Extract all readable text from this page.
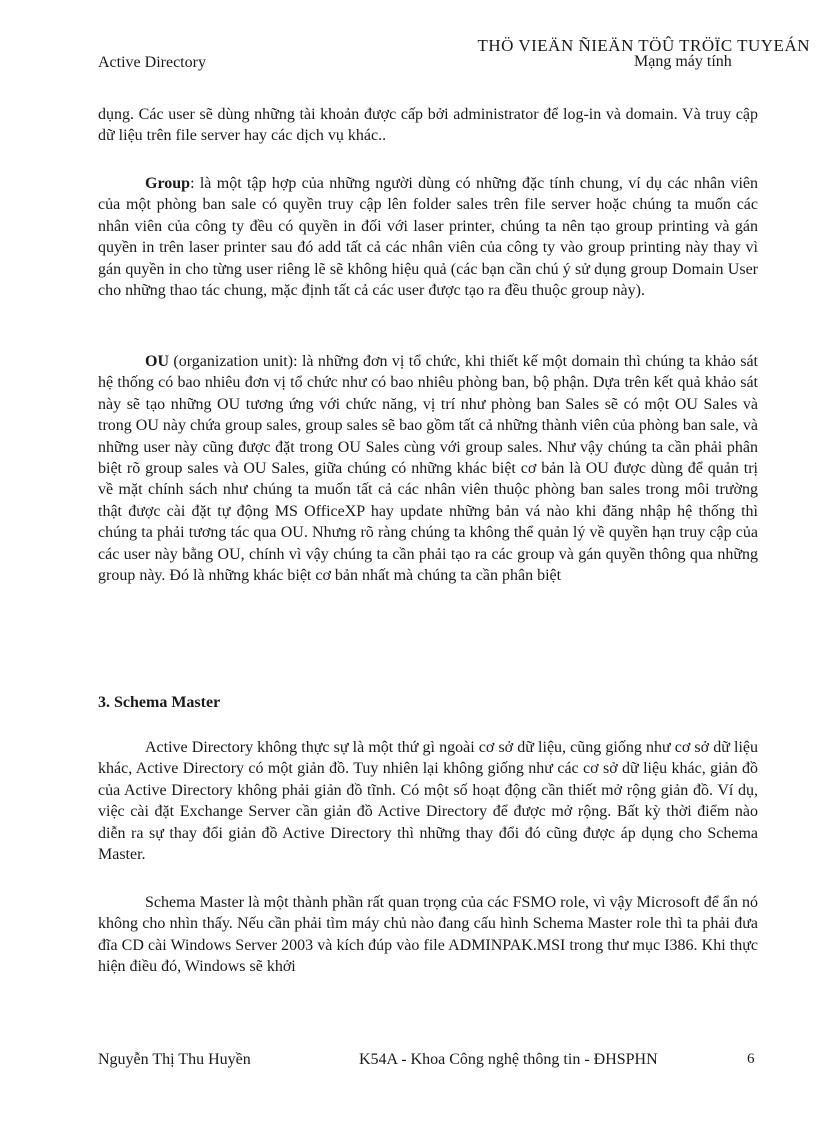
THÖ VIEÄN ÑIEÄN TÖÛ TRÖÏC TUYEÁN
Active Directory	Mạng máy tính

dụng. Các user sẽ dùng những tài khoản được cấp bởi administrator để log-in và domain. Và truy cập dữ liệu trên file server hay các dịch vụ khác..

Group: là một tập hợp của những người dùng có những đặc tính chung, ví dụ các nhân viên của một phòng ban sale có quyền truy cập lên folder sales trên file server hoặc chúng ta muốn các nhân viên của công ty đều có quyền in đối với laser printer, chúng ta nên tạo group printing và gán quyền in trên laser printer sau đó add tất cả các nhân viên của công ty vào group printing này thay vì gán quyền in cho từng user riêng lẽ sẽ không hiệu quả (các bạn cần chú ý sử dụng group Domain User cho những thao tác chung, mặc định tất cả các user được tạo ra đều thuộc group này).

OU (organization unit): là những đơn vị tổ chức, khi thiết kế một domain thì chúng ta khảo sát hệ thống có bao nhiêu đơn vị tổ chức như có bao nhiêu phòng ban, bộ phận. Dựa trên kết quả khảo sát này sẽ tạo những OU tương ứng với chức năng, vị trí như phòng ban Sales sẽ có một OU Sales và trong OU này chứa group sales, group sales sẽ bao gồm tất cả những thành viên của phòng ban sale, và những user này cũng được đặt trong OU Sales cùng với group sales. Như vậy chúng ta cần phải phân biệt rõ group sales và OU Sales, giữa chúng có những khác biệt cơ bản là OU được dùng để quản trị về mặt chính sách như chúng ta muốn tất cả các nhân viên thuộc phòng ban sales trong môi trường thật được cài đặt tự động MS OfficeXP hay update những bản vá nào khi đăng nhập hệ thống thì chúng ta phải tương tác qua OU. Nhưng rõ ràng chúng ta không thể quản lý về quyền hạn truy cập của các user này bằng OU, chính vì vậy chúng ta cần phải tạo ra các group và gán quyền thông qua những group này. Đó là những khác biệt cơ bản nhất mà chúng ta cần phân biệt

3. Schema Master

Active Directory không thực sự là một thứ gì ngoài cơ sở dữ liệu, cũng giống như cơ sở dữ liệu khác, Active Directory có một giản đồ. Tuy nhiên lại không giống như các cơ sở dữ liệu khác, giản đồ của Active Directory không phải giản đồ tĩnh. Có một số hoạt động cần thiết mở rộng giản đồ. Ví dụ, việc cài đặt Exchange Server cần giản đồ Active Directory để được mở rộng. Bất kỳ thời điểm nào diễn ra sự thay đổi giản đồ Active Directory thì những thay đổi đó cũng được áp dụng cho Schema Master.

Schema Master là một thành phần rất quan trọng của các FSMO role, vì vậy Microsoft để ẩn nó không cho nhìn thấy. Nếu cần phải tìm máy chủ nào đang cấu hình Schema Master role thì ta phải đưa đĩa CD cài Windows Server 2003 và kích đúp vào file ADMINPAK.MSI trong thư mục I386. Khi thực hiện điều đó, Windows sẽ khởi

Nguyễn Thị Thu Huyền	K54A - Khoa Công nghệ thông tin - ĐHSPHN	6
